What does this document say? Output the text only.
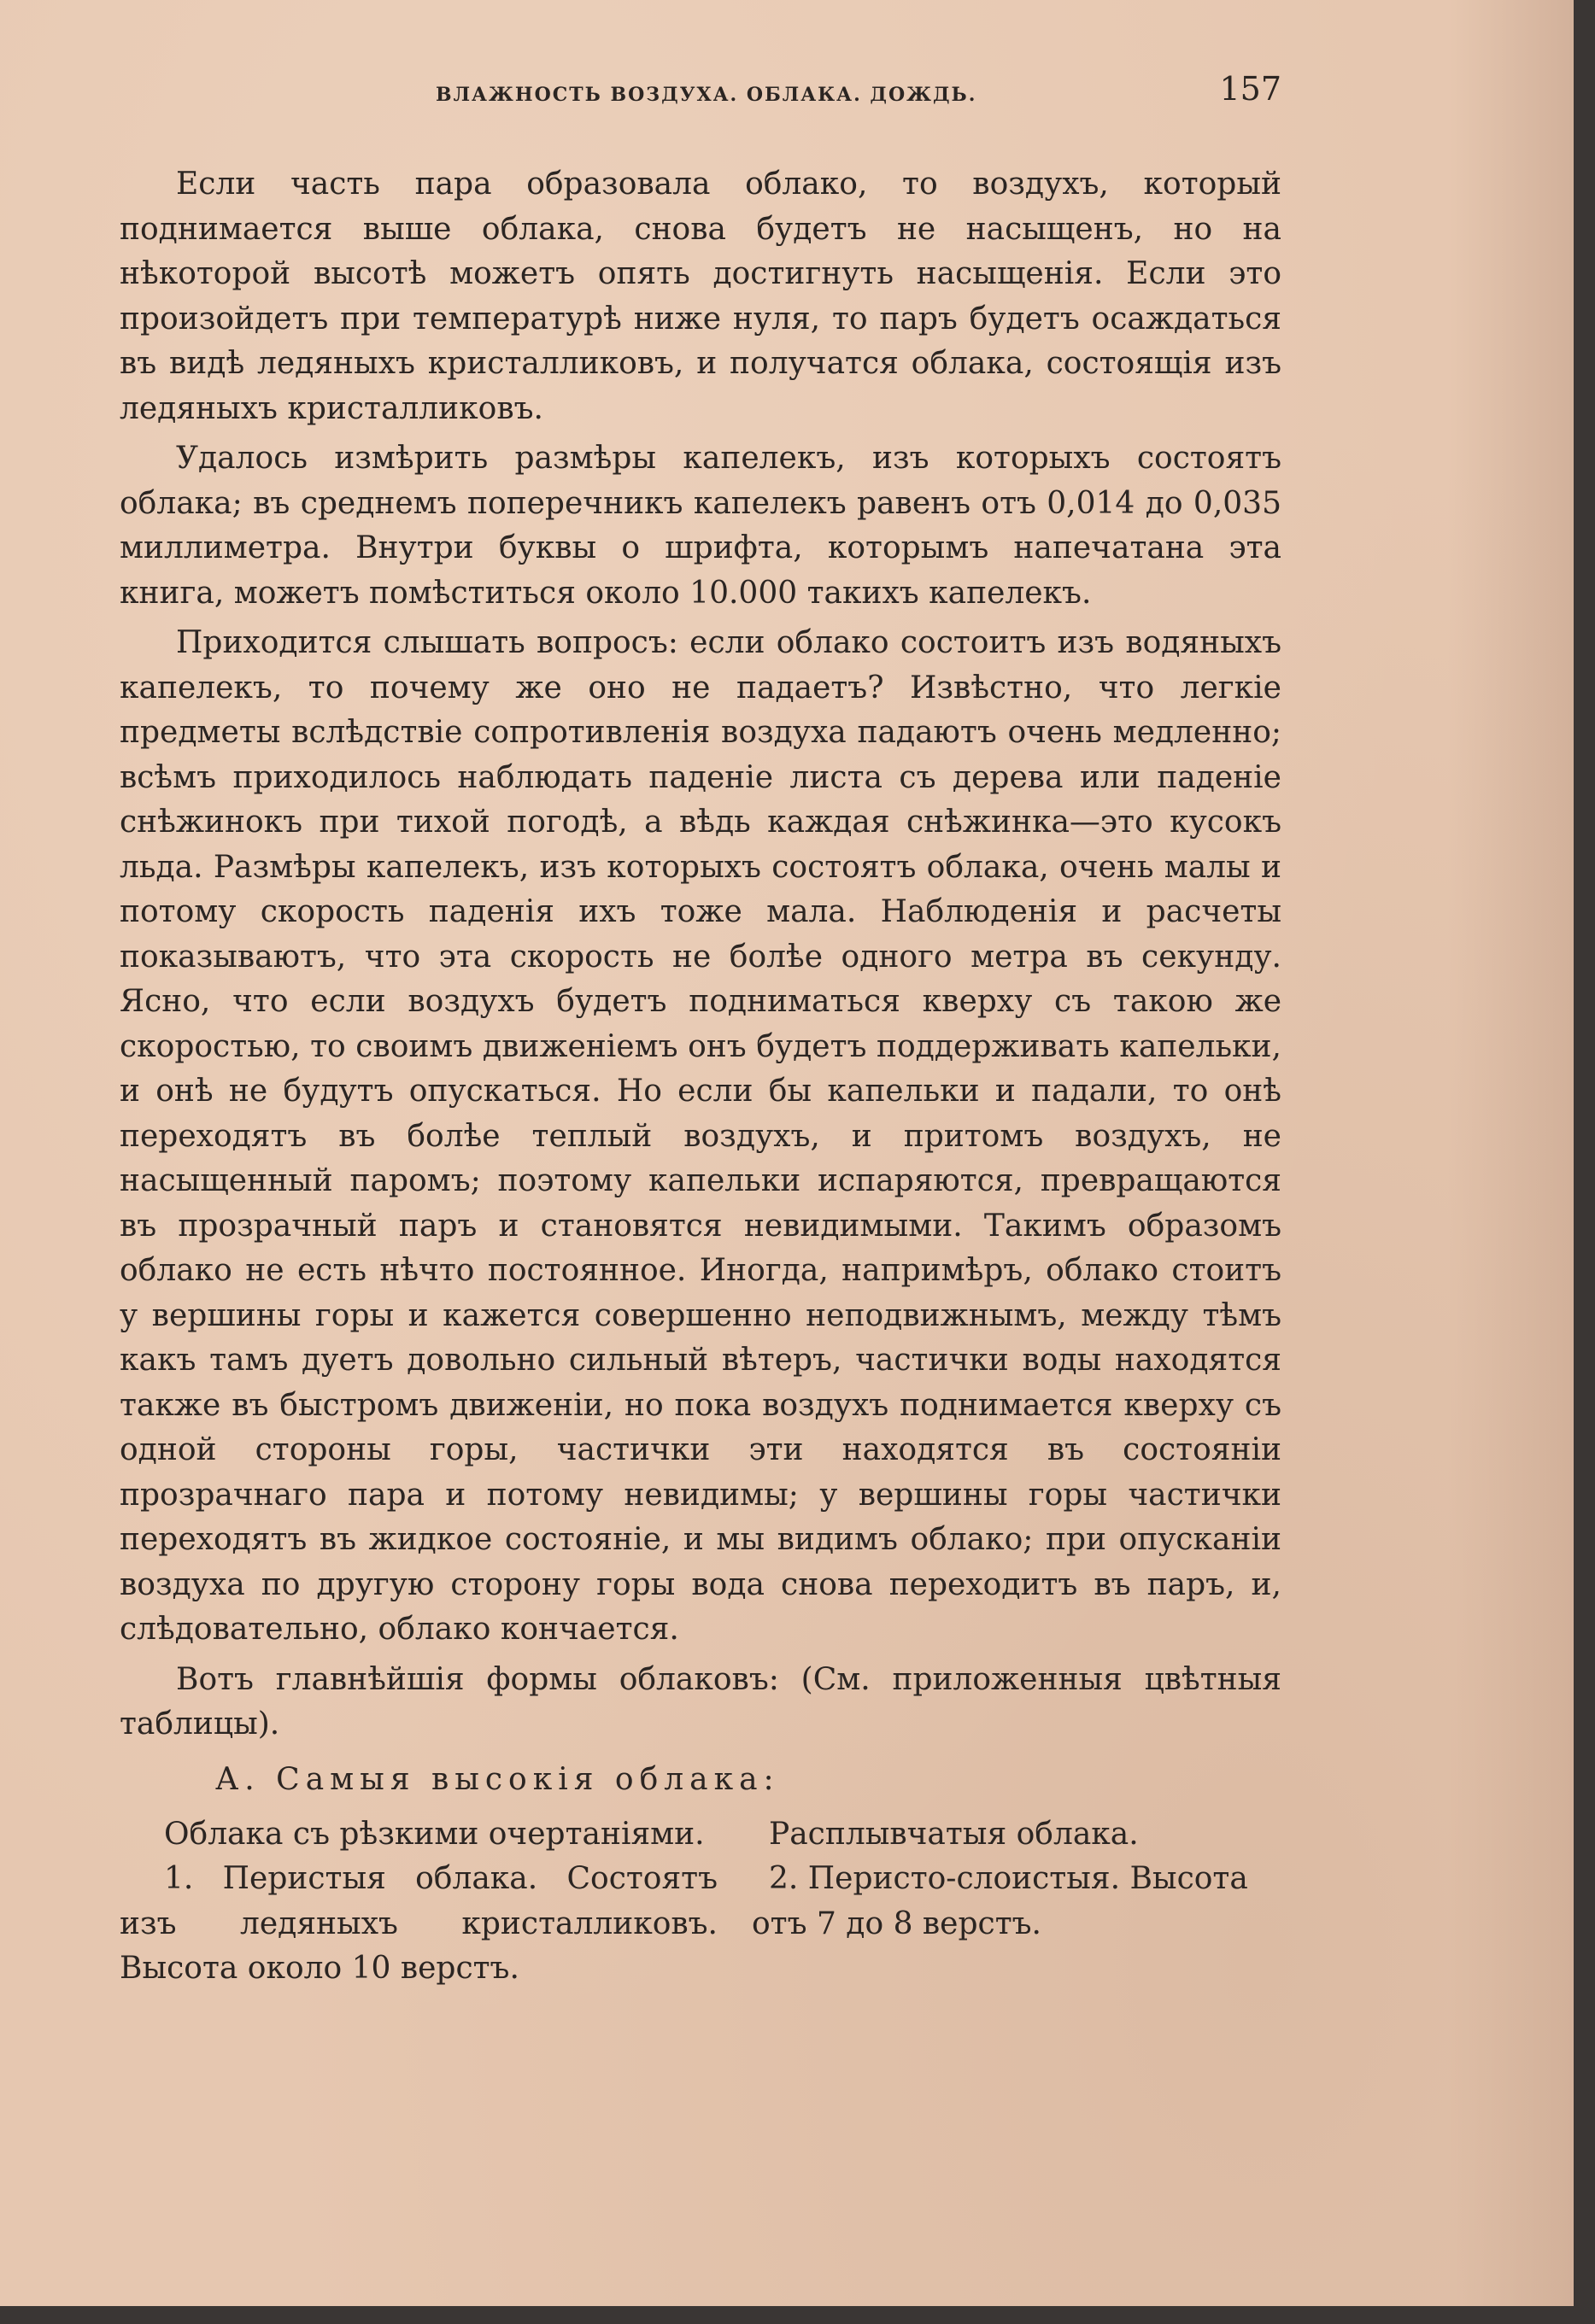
ВЛАЖНОСТЬ ВОЗДУХА. ОБЛАКА. ДОЖДЬ.	157

Если часть пара образовала облако, то воздухъ, который поднимается выше облака, снова будетъ не насыщенъ, но на нѣкоторой высотѣ можетъ опять достигнуть насыщенія. Если это произойдетъ при температурѣ ниже нуля, то паръ будетъ осаждаться въ видѣ ледяныхъ кристалликовъ, и получатся облака, состоящія изъ ледяныхъ кристалликовъ.

Удалось измѣрить размѣры капелекъ, изъ которыхъ состоятъ облака; въ среднемъ поперечникъ капелекъ равенъ отъ 0,014 до 0,035 миллиметра. Внутри буквы о шрифта, которымъ напечатана эта книга, можетъ помѣститься около 10.000 такихъ капелекъ.

Приходится слышать вопросъ: если облако состоитъ изъ водяныхъ капелекъ, то почему же оно не падаетъ? Извѣстно, что легкіе предметы вслѣдствіе сопротивленія воздуха падаютъ очень медленно; всѣмъ приходилось наблюдать паденіе листа съ дерева или паденіе снѣжинокъ при тихой погодѣ, а вѣдь каждая снѣжинка—это кусокъ льда. Размѣры капелекъ, изъ которыхъ состоятъ облака, очень малы и потому скорость паденія ихъ тоже мала. Наблюденія и расчеты показываютъ, что эта скорость не болѣе одного метра въ секунду. Ясно, что если воздухъ будетъ подниматься кверху съ такою же скоростью, то своимъ движеніемъ онъ будетъ поддерживать капельки, и онѣ не будутъ опускаться. Но если бы капельки и падали, то онѣ переходятъ въ болѣе теплый воздухъ, и притомъ воздухъ, не насыщенный паромъ; поэтому капельки испаряются, превращаются въ прозрачный паръ и становятся невидимыми. Такимъ образомъ облако не есть нѣчто постоянное. Иногда, напримѣръ, облако стоитъ у вершины горы и кажется совершенно неподвижнымъ, между тѣмъ какъ тамъ дуетъ довольно сильный вѣтеръ, частички воды находятся также въ быстромъ движеніи, но пока воздухъ поднимается кверху съ одной стороны горы, частички эти находятся въ состояніи прозрачнаго пара и потому невидимы; у вершины горы частички переходятъ въ жидкое состояніе, и мы видимъ облако; при опусканіи воздуха по другую сторону горы вода снова переходитъ въ паръ, и, слѣдовательно, облако кончается.

Вотъ главнѣйшія формы облаковъ: (См. приложенныя цвѣтныя таблицы).

А. Самыя высокія облака:

Облака съ рѣзкими очертаніями.

1. Перистыя облака. Состоятъ изъ ледяныхъ кристалликовъ. Высота около 10 верстъ.

Расплывчатыя облака.

2. Перисто-слоистыя. Высота отъ 7 до 8 верстъ.
